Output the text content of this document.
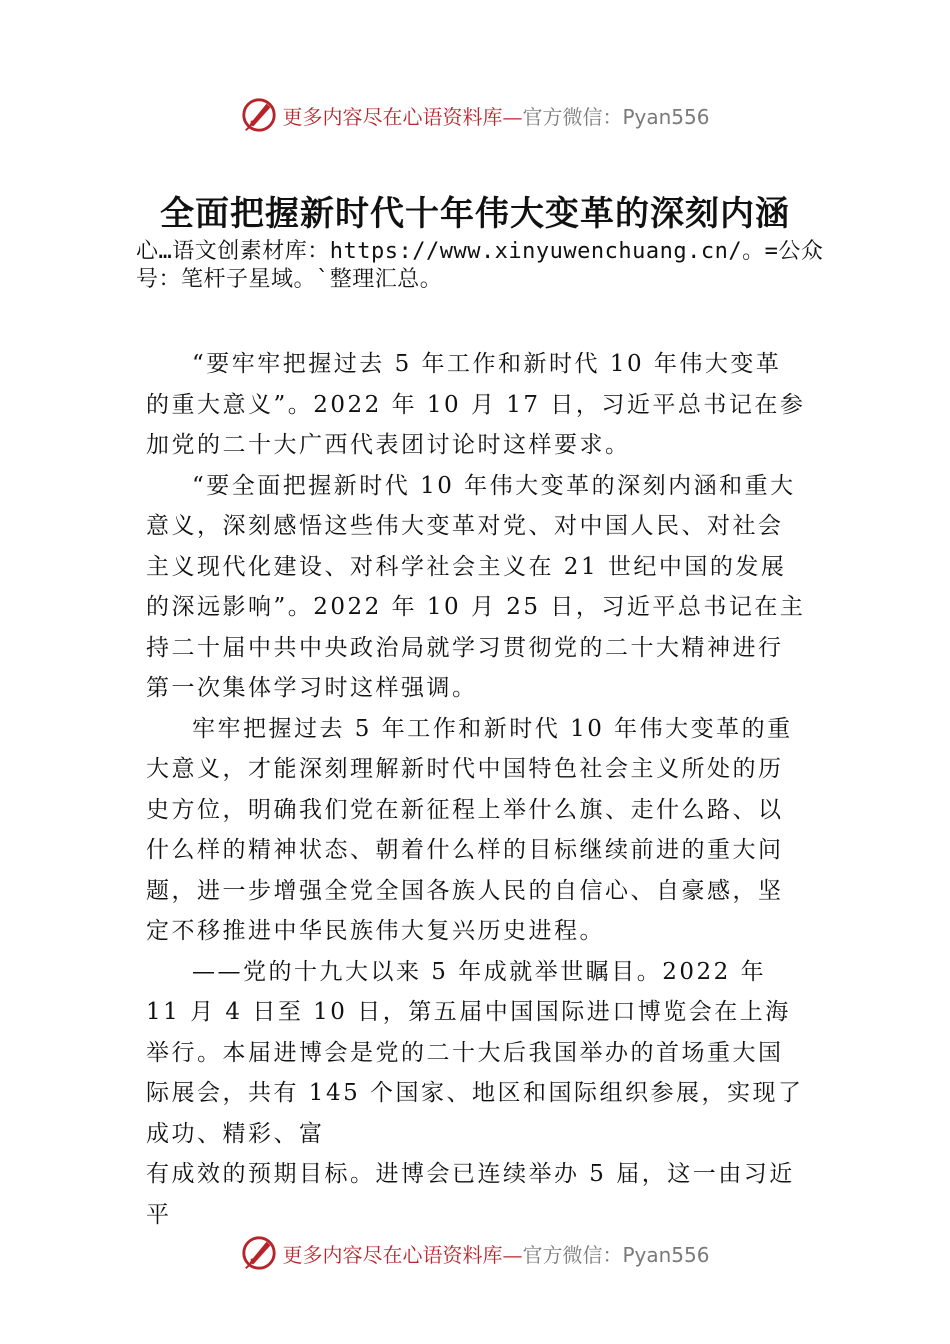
更多内容尽在心语资料库— 官方微信：Pyan556
全面把握新时代十年伟大变革的深刻内涵
心…语文创素材库：https://www.xinyuwenchuang.cn/。=公众号：笔杆子星域。`整理汇总。

“要牢牢把握过去 5 年工作和新时代 10 年伟大变革的重大意义”。2022 年 10 月 17 日，习近平总书记在参加党的二十大广西代表团讨论时这样要求。

“要全面把握新时代 10 年伟大变革的深刻内涵和重大意义，深刻感悟这些伟大变革对党、对中国人民、对社会主义现代化建设、对科学社会主义在 21 世纪中国的发展的深远影响”。2022 年 10 月 25 日，习近平总书记在主持二十届中共中央政治局就学习贯彻党的二十大精神进行第一次集体学习时这样强调。

牢牢把握过去 5 年工作和新时代 10 年伟大变革的重大意义，才能深刻理解新时代中国特色社会主义所处的历史方位，明确我们党在新征程上举什么旗、走什么路、以什么样的精神状态、朝着什么样的目标继续前进的重大问题，进一步增强全党全国各族人民的自信心、自豪感，坚定不移推进中华民族伟大复兴历史进程。

——党的十九大以来 5 年成就举世瞩目。2022 年 11 月 4 日至 10 日，第五届中国国际进口博览会在上海举行。本届进博会是党的二十大后我国举办的首场重大国际展会，共有 145 个国家、地区和国际组织参展，实现了成功、精彩、富

有成效的预期目标。进博会已连续举办 5 届，这一由习近平

更多内容尽在心语资料库— 官方微信：Pyan556
